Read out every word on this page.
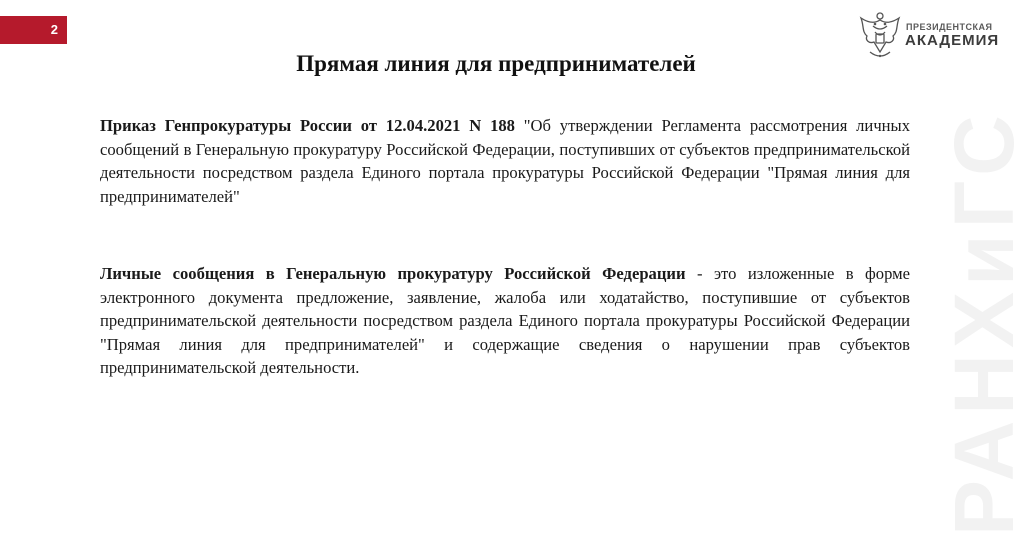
2
РАНХиГС
ПРЕЗИДЕНТСКАЯ
АКАДЕМИЯ
Прямая линия для предпринимателей
Приказ Генпрокуратуры России от 12.04.2021 N 188 "Об утверждении Регламента рассмотрения личных сообщений в Генеральную прокуратуру Российской Федерации, поступивших от субъектов предпринимательской деятельности посредством раздела Единого портала прокуратуры Российской Федерации "Прямая линия для предпринимателей"
Личные сообщения в Генеральную прокуратуру Российской Федерации - это изложенные в форме электронного документа предложение, заявление, жалоба или ходатайство, поступившие от субъектов предпринимательской деятельности посредством раздела Единого портала прокуратуры Российской Федерации "Прямая линия для предпринимателей" и содержащие сведения о нарушении прав субъектов предпринимательской деятельности.
